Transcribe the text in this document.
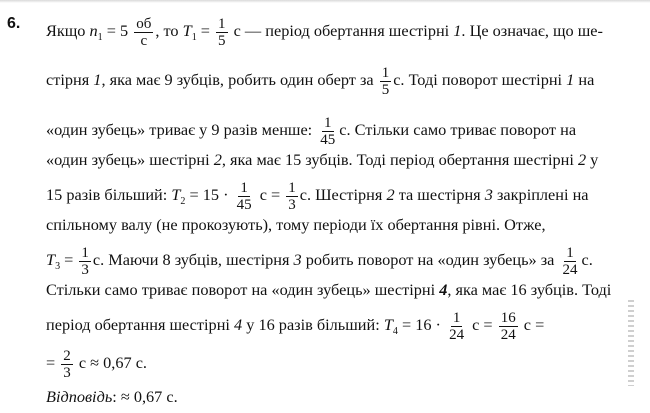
6. Якщо $n_1 = 5$ об
с
, то $T_1 = \frac{1}{5}$ с — період обертання шестірні 1. Це означає, що ше-
стірня 1, яка має 9 зубців, робить один оберт за $\frac{1}{5} с$. Тоді поворот шестірні 1 на
«один зубець» триває у 9 разів менше: $\frac{1}{45} с$. Стільки само триває поворот на
«один зубець» шестірні 2, яка має 15 зубців. Тоді період обертання шестірні 2 у
15 разів більший: $T_2 = 15 \cdot \frac{1}{45}$ $с = \frac{1}{3} с$. Шестірня 2 та шестірня 3 закріплені на
спільному валу (не прокозують), тому періоди їх обертання рівні. Отже,
$T_3 = \frac{1}{3} с$. Маючи 8 зубців, шестірня 3 робить поворот на «один зубець» за $\frac{1}{24} с$.
Стільки само триває поворот на «один зубець» шестірні 4, яка має 16 зубців. Тоді
період обертання шестірні 4 у 16 разів більший: $T_4 = 16 \cdot \frac{1}{24}$ $с = \frac{16}{24}$ с =
= $\frac{2}{3}$ с ≈ 0,67 с.
Відповідь: ≈ 0,67 с.
